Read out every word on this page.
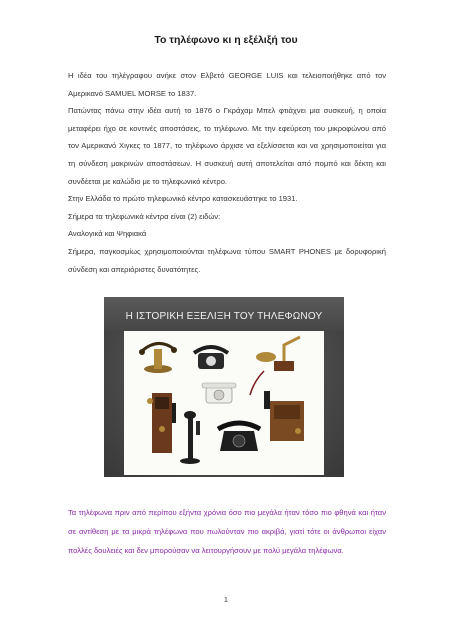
Το τηλέφωνο κι η εξέλιξή του
Η ιδέα του τηλέγραφου ανήκε στον Ελβετό GEORGE LUIS και τελειοποιήθηκε από τον Αμερικανό SAMUEL MORSE το 1837.
Πατώντας πάνω στην ιδέα αυτή το 1876 ο Γκράχαμ Μπελ φτιάχνει μια συσκευή, η οποία μεταφέρει ήχο σε κοντινές αποστάσεις, το τηλέφωνο. Με την εφεύρεση του μικροφώνου από τον Αμερικανό Χιγκες το 1877, το τηλέφωνο άρχισε να εξελίσσεται και να χρησιμοποιείται για τη σύνδεση μακρινών αποστάσεων. Η συσκευή αυτή αποτελείται από πομπό και δέκτη και συνδέεται με καλώδιο με το τηλεφωνικό κέντρο.
Στην Ελλάδα το πρώτο τηλεφωνικό κέντρο κατασκευάστηκε το 1931.
Σήμερα τα τηλεφωνικά κέντρα είναι (2) ειδών:
Αναλογικά και Ψηφιακά
Σήμερα, παγκοσμίως χρησιμοποιούνται τηλέφωνα τύπου SMART PHONES με δορυφορική σύνδεση και απεριόριστες δυνατότητες.
Η ΙΣΤΟΡΙΚΗ ΕΞΕΛΙΞΗ ΤΟΥ ΤΗΛΕΦΩΝΟΥ
Τα τηλέφωνα πριν από περίπου εξήντα χρόνια όσο πιο μεγάλα ήταν τόσο πιο φθηνά και ήταν σε αντίθεση με τα μικρά τηλέφωνα που πωλούνταν πιο ακριβά, γιατί τότε οι άνθρωποι είχαν πολλές δουλειές και δεν μπορούσαν να λειτουργήσουν με πολύ μεγάλα τηλέφωνα.
1
